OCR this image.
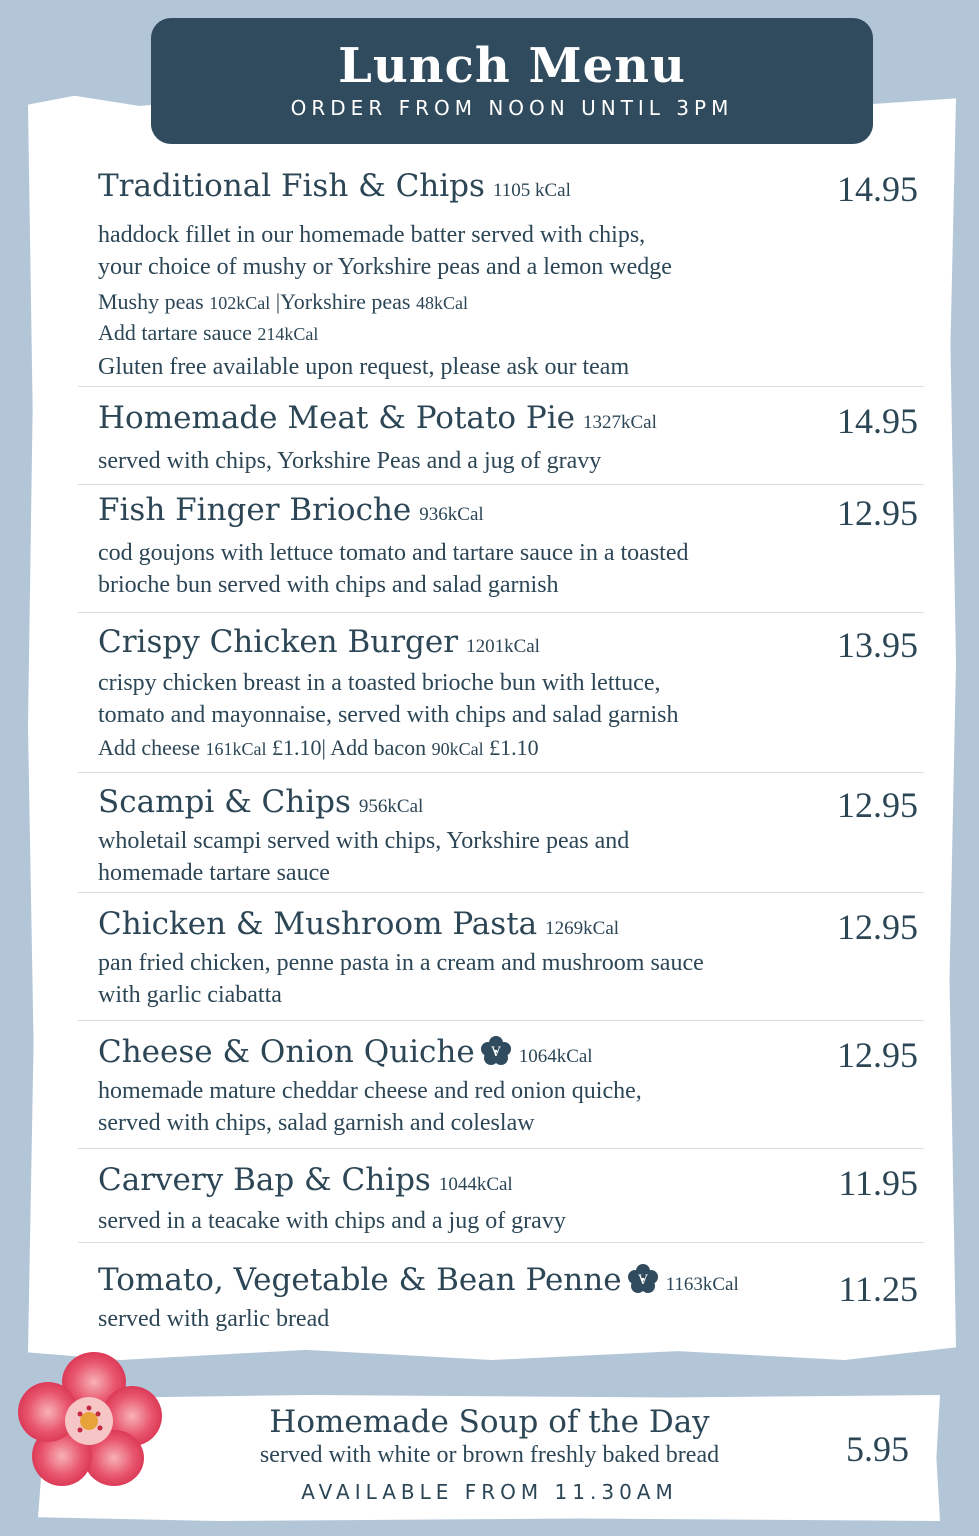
Lunch Menu
ORDER FROM NOON UNTIL 3PM
Traditional Fish & Chips 1105 kCal
haddock fillet in our homemade batter served with chips,
your choice of mushy or Yorkshire peas and a lemon wedge
Mushy peas 102kCal |Yorkshire peas 48kCal
Add tartare sauce 214kCal
Gluten free available upon request, please ask our team
14.95
Homemade Meat & Potato Pie 1327kCal
served with chips, Yorkshire Peas and a jug of gravy
14.95
Fish Finger Brioche 936kCal
cod goujons with lettuce tomato and tartare sauce in a toasted
brioche bun served with chips and salad garnish
12.95
Crispy Chicken Burger 1201kCal
crispy chicken breast in a toasted brioche bun with lettuce,
tomato and mayonnaise, served with chips and salad garnish
Add cheese 161kCal £1.10| Add bacon 90kCal £1.10
13.95
Scampi & Chips 956kCal
wholetail scampi served with chips, Yorkshire peas and
homemade tartare sauce
12.95
Chicken & Mushroom Pasta 1269kCal
pan fried chicken, penne pasta in a cream and mushroom sauce
with garlic ciabatta
12.95
Cheese & Onion Quiche V 1064kCal
homemade mature cheddar cheese and red onion quiche,
served with chips, salad garnish and coleslaw
12.95
Carvery Bap & Chips 1044kCal
served in a teacake with chips and a jug of gravy
11.95
Tomato, Vegetable & Bean Penne V 1163kCal
served with garlic bread
11.25
Homemade Soup of the Day
served with white or brown freshly baked bread
AVAILABLE FROM 11.30AM
5.95
